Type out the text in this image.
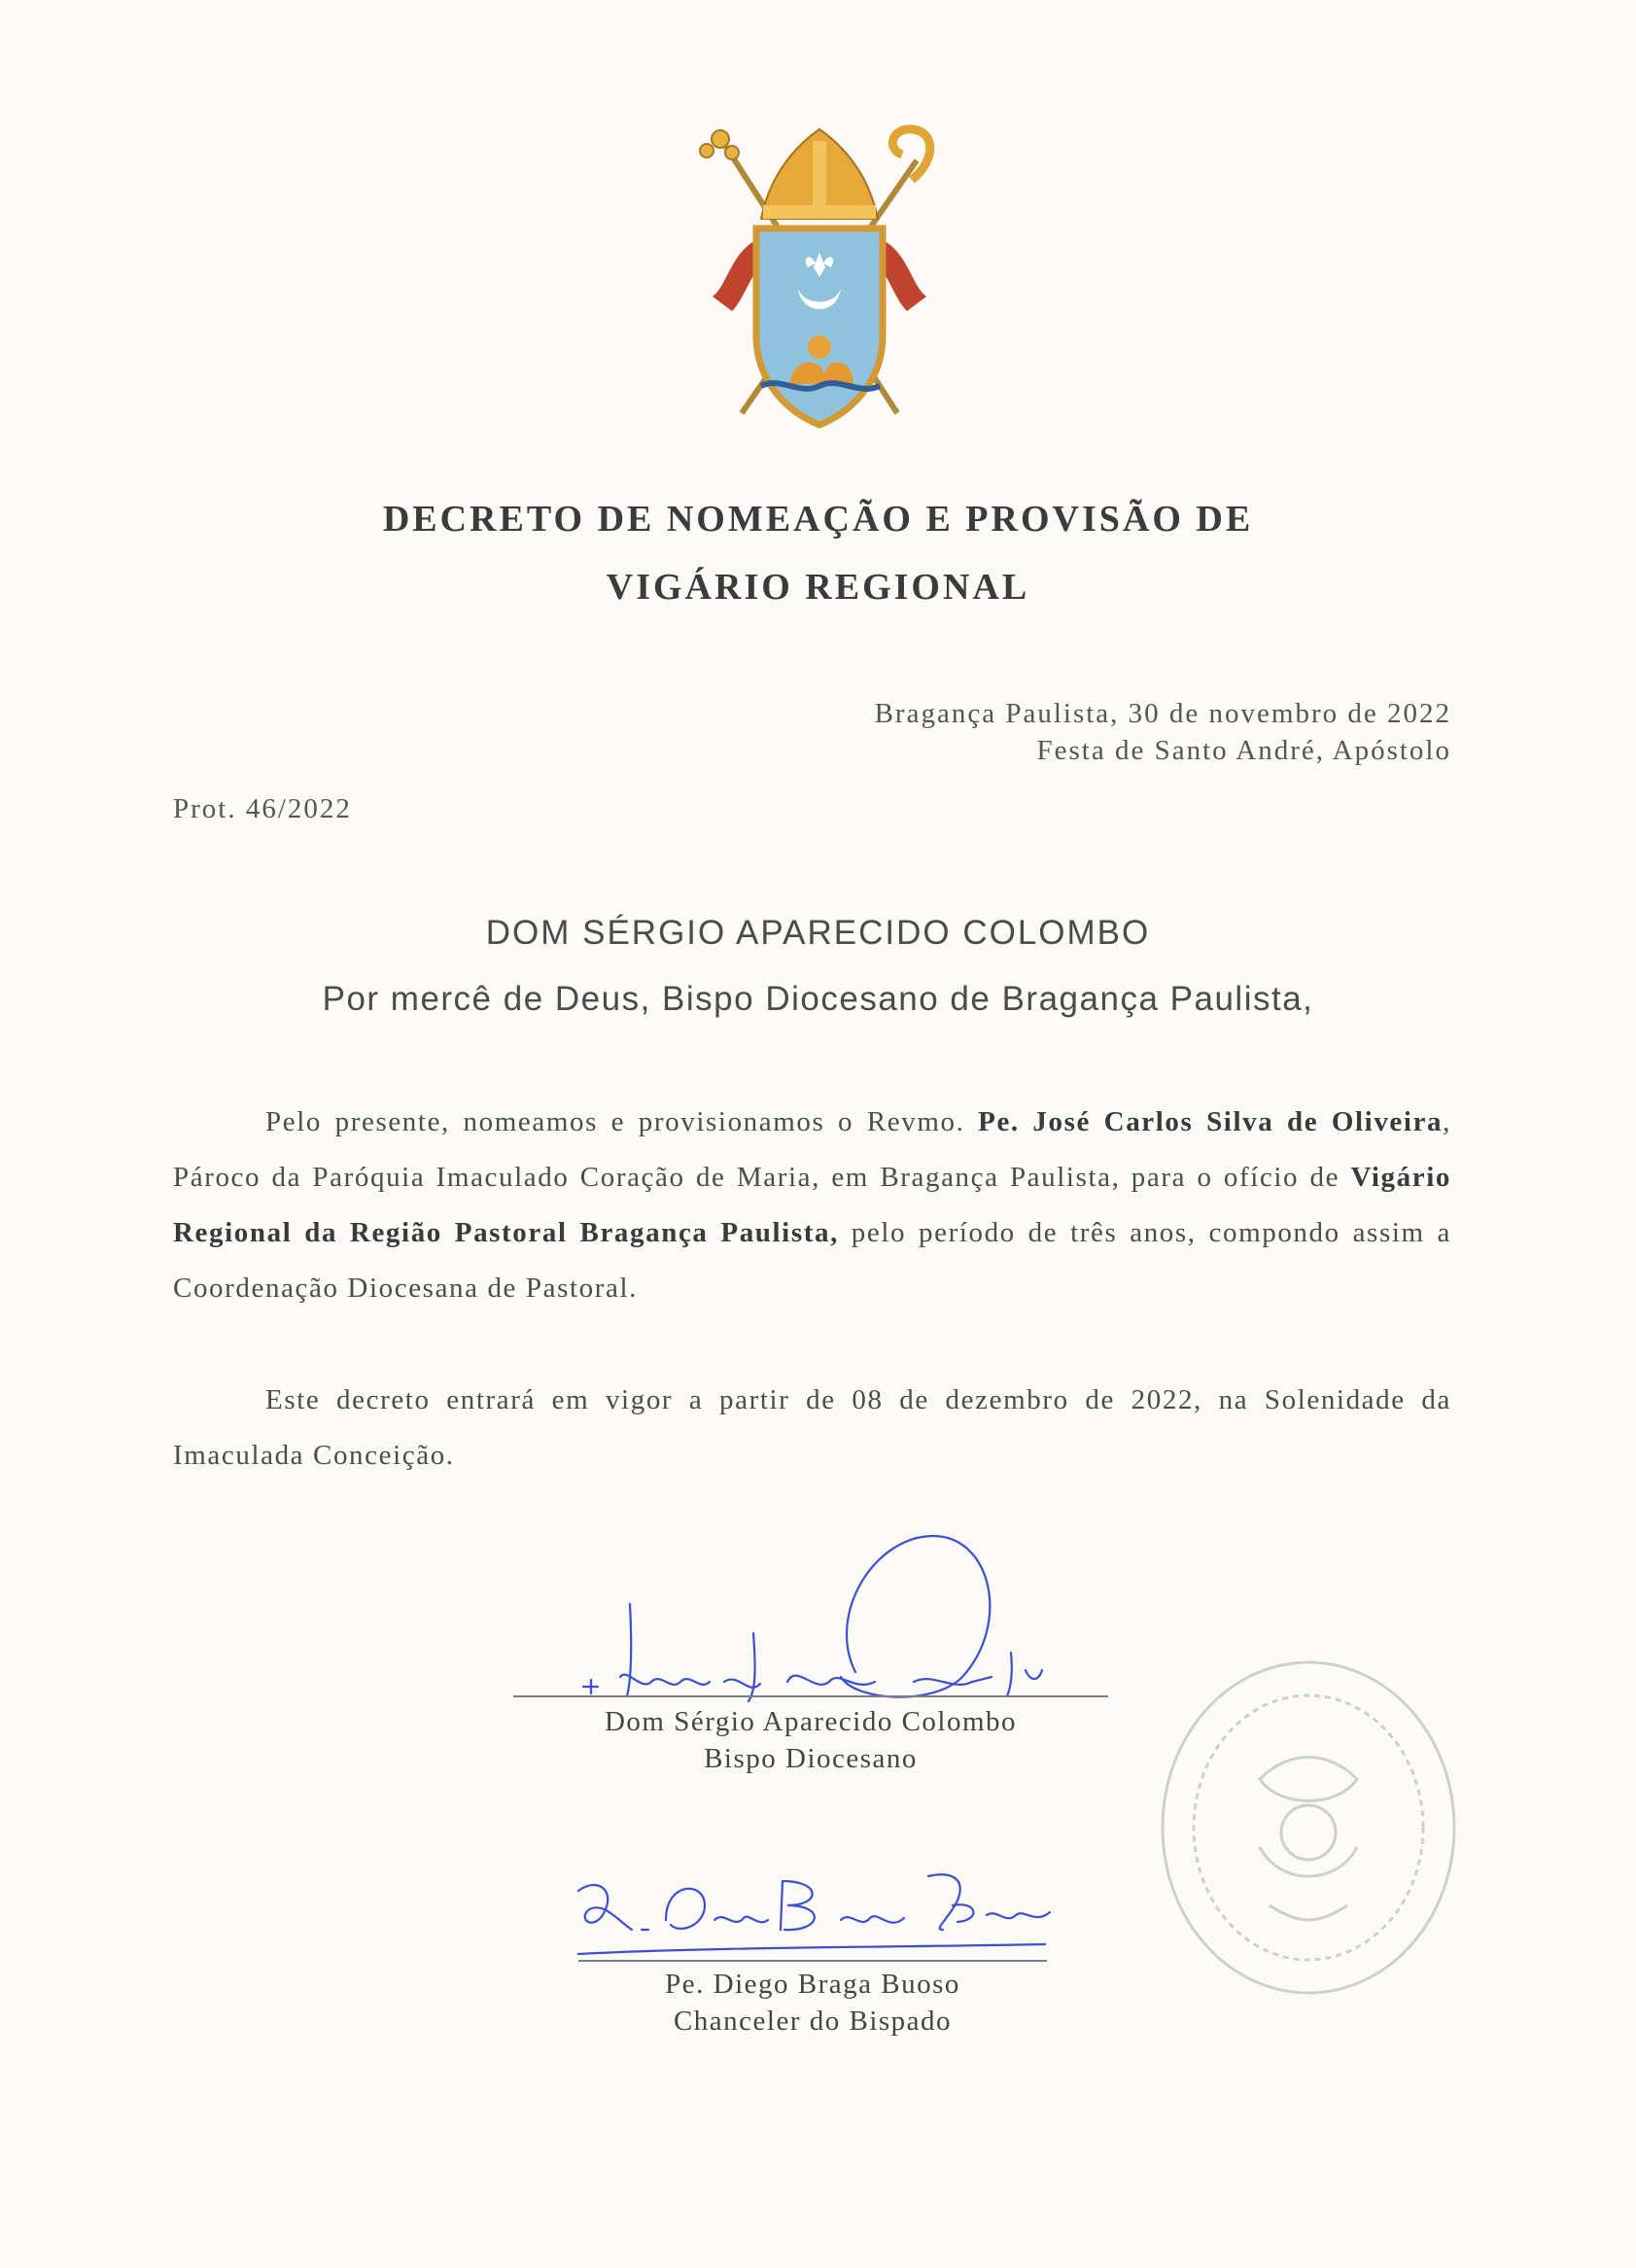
DECRETO DE NOMEAÇÃO E PROVISÃO DE
VIGÁRIO REGIONAL
Bragança Paulista, 30 de novembro de 2022
Festa de Santo André, Apóstolo
Prot. 46/2022
DOM SÉRGIO APARECIDO COLOMBO
Por mercê de Deus, Bispo Diocesano de Bragança Paulista,

Pelo presente, nomeamos e provisionamos o Revmo. Pe. José Carlos Silva de Oliveira, Pároco da Paróquia Imaculado Coração de Maria, em Bragança Paulista, para o ofício de Vigário Regional da Região Pastoral Bragança Paulista, pelo período de três anos, compondo assim a Coordenação Diocesana de Pastoral.

Este decreto entrará em vigor a partir de 08 de dezembro de 2022, na Solenidade da Imaculada Conceição.

Dom Sérgio Aparecido Colombo
Bispo Diocesano
Pe. Diego Braga Buoso
Chanceler do Bispado
